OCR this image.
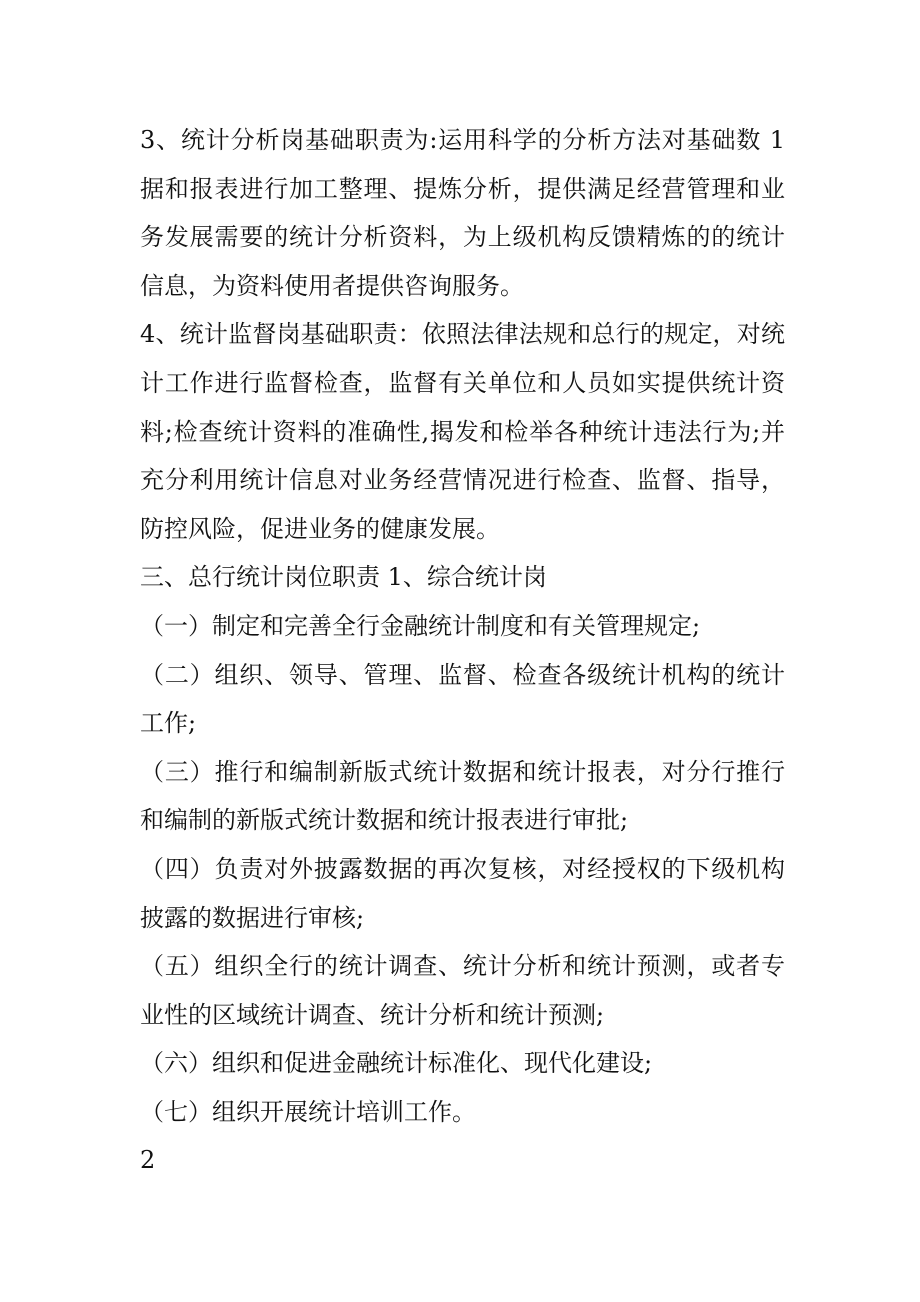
3、统计分析岗基础职责为:运用科学的分析方法对基础数 1 据和报表进行加工整理、提炼分析，提供满足经营管理和业务发展需要的统计分析资料，为上级机构反馈精炼的的统计信息，为资料使用者提供咨询服务。

4、统计监督岗基础职责：依照法律法规和总行的规定，对统计工作进行监督检查，监督有关单位和人员如实提供统计资料;检查统计资料的准确性,揭发和检举各种统计违法行为;并充分利用统计信息对业务经营情况进行检查、监督、指导，防控风险，促进业务的健康发展。

三、总行统计岗位职责 1、综合统计岗

（一）制定和完善全行金融统计制度和有关管理规定;

（二）组织、领导、管理、监督、检查各级统计机构的统计工作;

（三）推行和编制新版式统计数据和统计报表，对分行推行和编制的新版式统计数据和统计报表进行审批;

（四）负责对外披露数据的再次复核，对经授权的下级机构披露的数据进行审核;

（五）组织全行的统计调查、统计分析和统计预测，或者专业性的区域统计调查、统计分析和统计预测;

（六）组织和促进金融统计标准化、现代化建设;

（七）组织开展统计培训工作。

2
